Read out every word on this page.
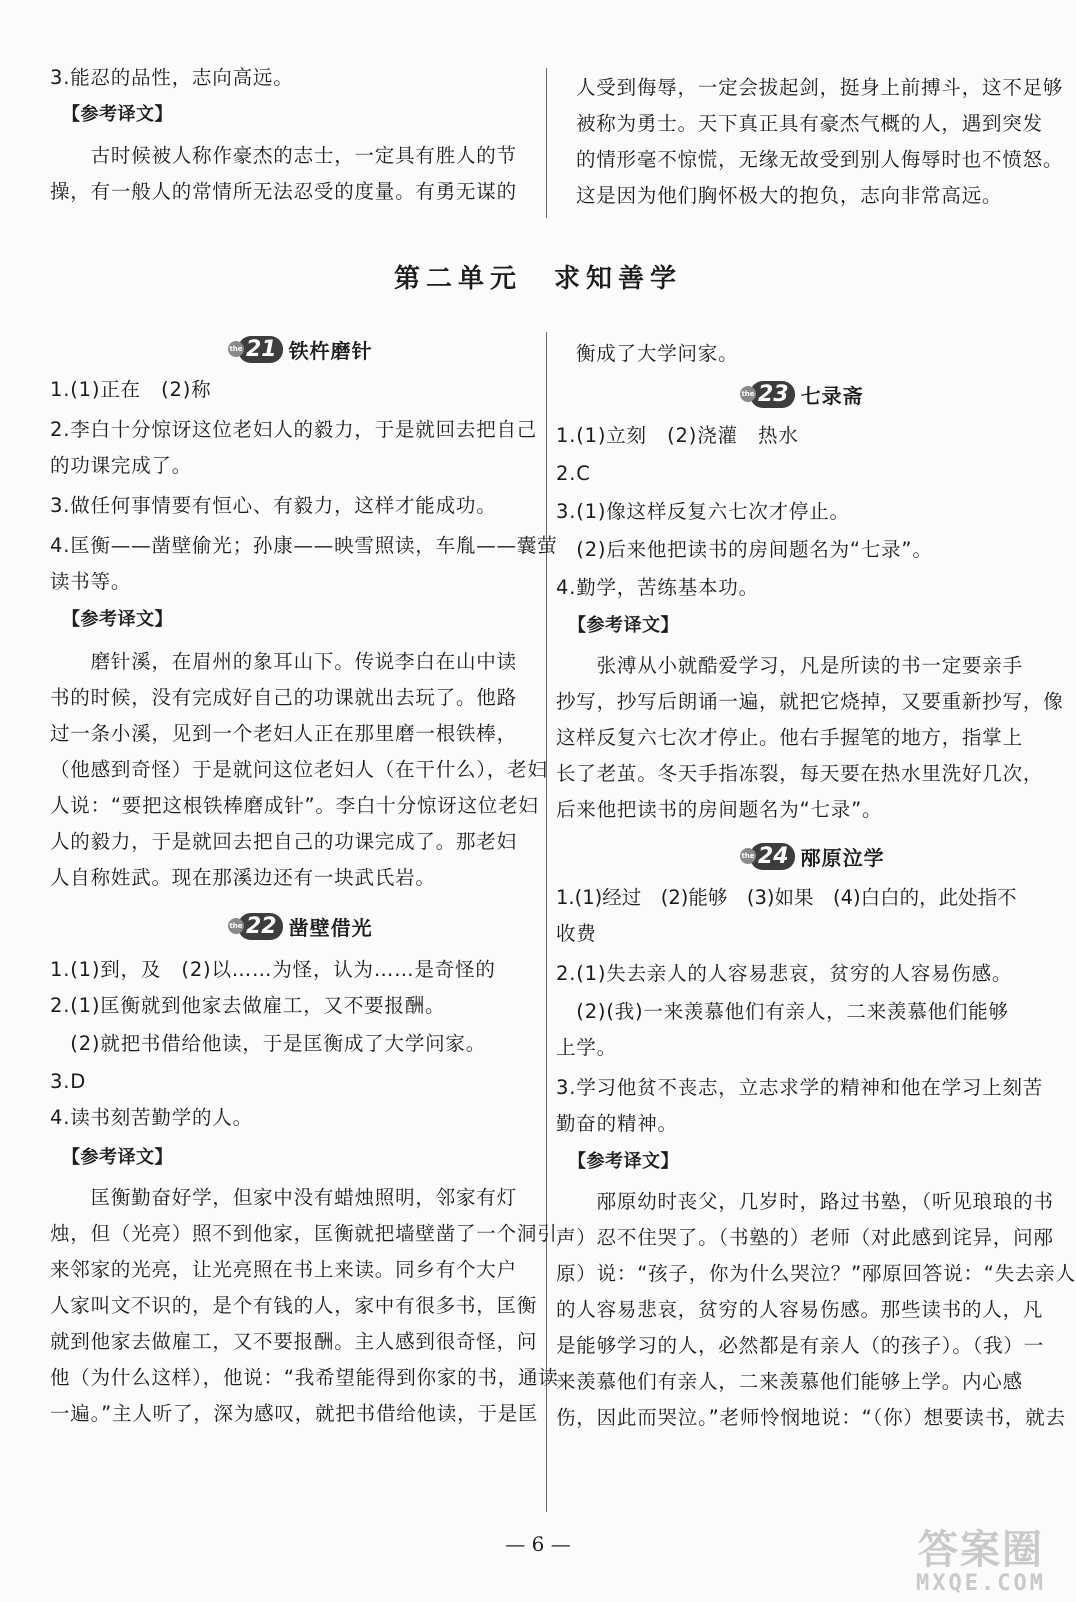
3.能忍的品性，志向高远。
【参考译文】
　　古时候被人称作豪杰的志士，一定具有胜人的节
操，有一般人的常情所无法忍受的度量。有勇无谋的
人受到侮辱，一定会拔起剑，挺身上前搏斗，这不足够
被称为勇士。天下真正具有豪杰气概的人，遇到突发
的情形毫不惊慌，无缘无故受到别人侮辱时也不愤怒。
这是因为他们胸怀极大的抱负，志向非常高远。
第二单元　求知善学
the 21 铁杵磨针
1.(1)正在　(2)称
2.李白十分惊讶这位老妇人的毅力，于是就回去把自己
的功课完成了。
3.做任何事情要有恒心、有毅力，这样才能成功。
4.匡衡——凿壁偷光；孙康——映雪照读，车胤——囊萤
读书等。
【参考译文】
　　磨针溪，在眉州的象耳山下。传说李白在山中读
书的时候，没有完成好自己的功课就出去玩了。他路
过一条小溪，见到一个老妇人正在那里磨一根铁棒，
（他感到奇怪）于是就问这位老妇人（在干什么），老妇
人说：“要把这根铁棒磨成针”。李白十分惊讶这位老妇
人的毅力，于是就回去把自己的功课完成了。那老妇
人自称姓武。现在那溪边还有一块武氏岩。
the 22 凿壁借光
1.(1)到，及　(2)以……为怪，认为……是奇怪的
2.(1)匡衡就到他家去做雇工，又不要报酬。
　(2)就把书借给他读，于是匡衡成了大学问家。
3.D
4.读书刻苦勤学的人。
【参考译文】
　　匡衡勤奋好学，但家中没有蜡烛照明，邻家有灯
烛，但（光亮）照不到他家，匡衡就把墙壁凿了一个洞引
来邻家的光亮，让光亮照在书上来读。同乡有个大户
人家叫文不识的，是个有钱的人，家中有很多书，匡衡
就到他家去做雇工，又不要报酬。主人感到很奇怪，问
他（为什么这样），他说：“我希望能得到你家的书，通读
一遍。”主人听了，深为感叹，就把书借给他读，于是匡
衡成了大学问家。
the 23 七录斋
1.(1)立刻　(2)浇灌　热水
2.C
3.(1)像这样反复六七次才停止。
　(2)后来他把读书的房间题名为“七录”。
4.勤学，苦练基本功。
【参考译文】
　　张溥从小就酷爱学习，凡是所读的书一定要亲手
抄写，抄写后朗诵一遍，就把它烧掉，又要重新抄写，像
这样反复六七次才停止。他右手握笔的地方，指掌上
长了老茧。冬天手指冻裂，每天要在热水里洗好几次，
后来他把读书的房间题名为“七录”。
the 24 邴原泣学
1.(1)经过　(2)能够　(3)如果　(4)白白的，此处指不
收费
2.(1)失去亲人的人容易悲哀，贫穷的人容易伤感。
　(2)(我)一来羡慕他们有亲人，二来羡慕他们能够
上学。
3.学习他贫不丧志，立志求学的精神和他在学习上刻苦
勤奋的精神。
【参考译文】
　　邴原幼时丧父，几岁时，路过书塾，（听见琅琅的书
声）忍不住哭了。（书塾的）老师（对此感到诧异，问邴
原）说：“孩子，你为什么哭泣？”邴原回答说：“失去亲人
的人容易悲哀，贫穷的人容易伤感。那些读书的人，凡
是能够学习的人，必然都是有亲人（的孩子）。（我）一
来羡慕他们有亲人，二来羡慕他们能够上学。内心感
伤，因此而哭泣。”老师怜悯地说：“（你）想要读书，就去
— 6 —	答案圈
MXQE.COM
